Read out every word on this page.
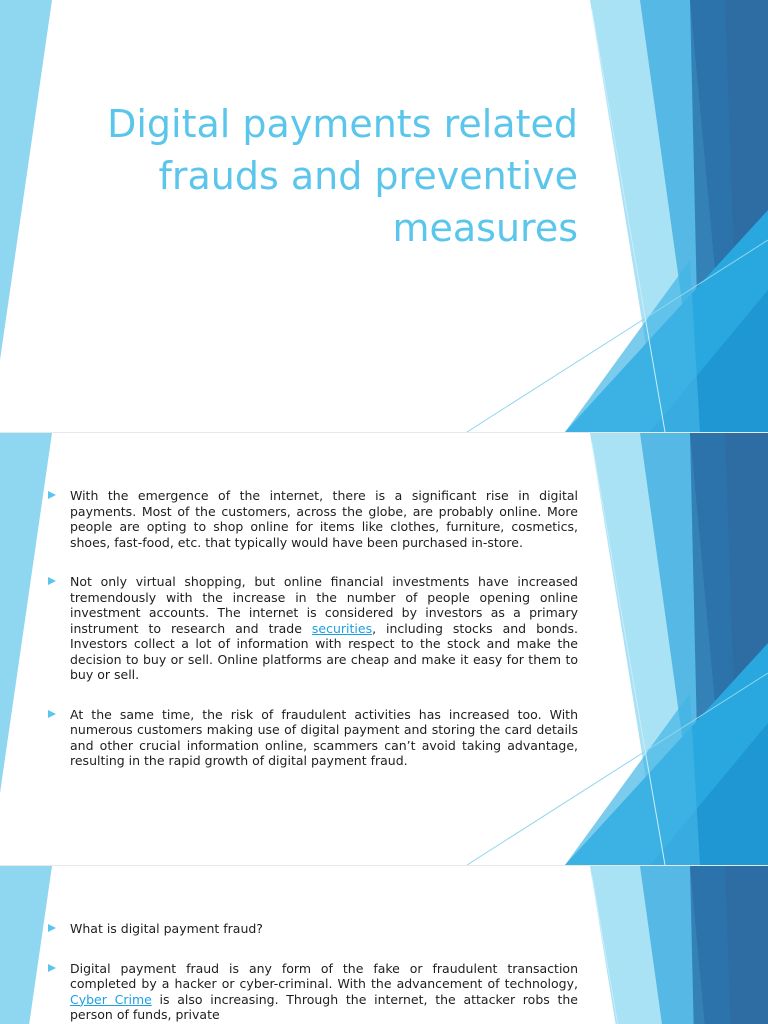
Digital payments related
frauds and preventive
measures
With the emergence of the internet, there is a significant rise in digital payments. Most of the customers, across the globe, are probably online. More people are opting to shop online for items like clothes, furniture, cosmetics, shoes, fast-food, etc. that typically would have been purchased in-store.
Not only virtual shopping, but online financial investments have increased tremendously with the increase in the number of people opening online investment accounts. The internet is considered by investors as a primary instrument to research and trade securities, including stocks and bonds. Investors collect a lot of information with respect to the stock and make the decision to buy or sell. Online platforms are cheap and make it easy for them to buy or sell.
At the same time, the risk of fraudulent activities has increased too. With numerous customers making use of digital payment and storing the card details and other crucial information online, scammers can’t avoid taking advantage, resulting in the rapid growth of digital payment fraud.
What is digital payment fraud?
Digital payment fraud is any form of the fake or fraudulent transaction completed by a hacker or cyber-criminal. With the advancement of technology, Cyber Crime is also increasing. Through the internet, the attacker robs the person of funds, private
